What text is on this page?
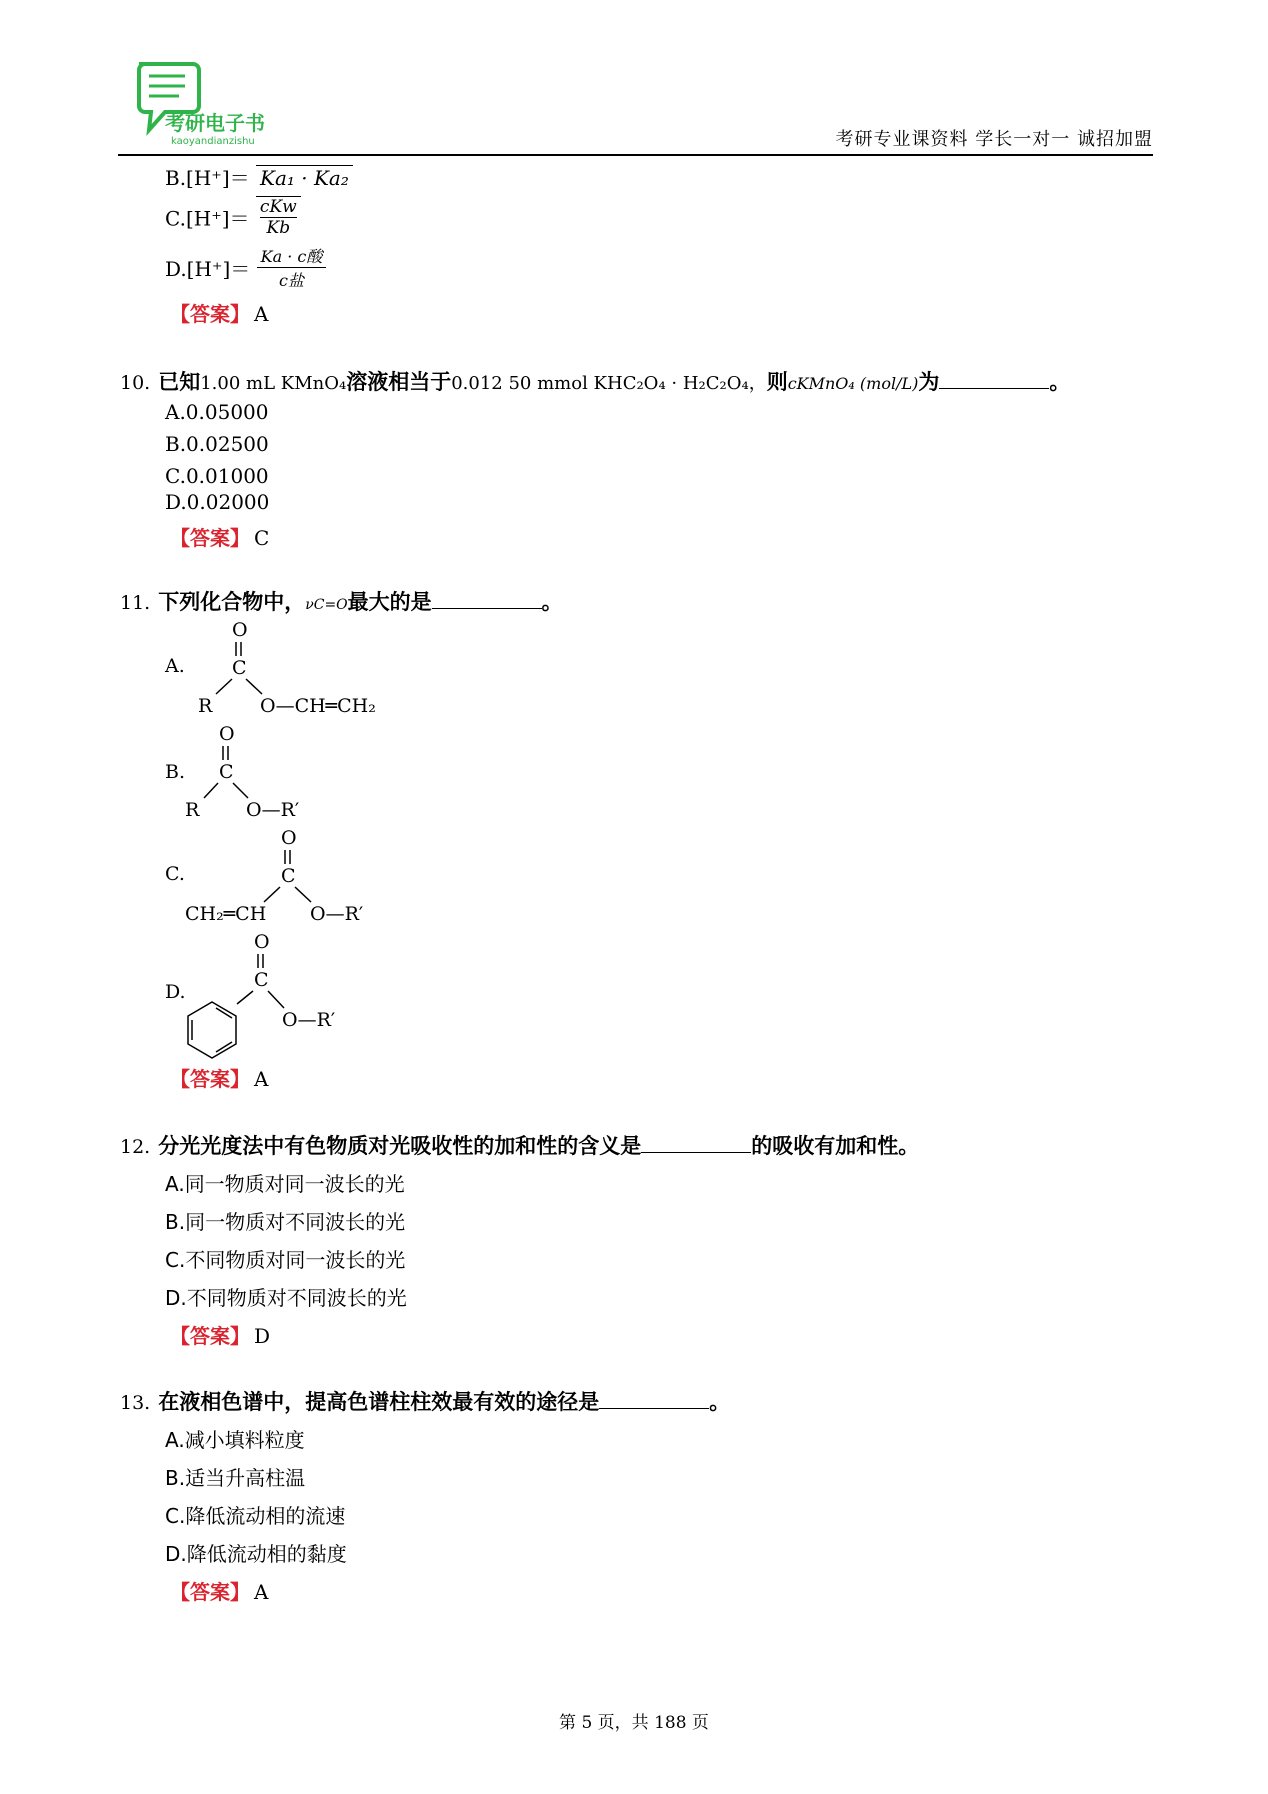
考研电子书
kaoyandianzishu	考研专业课资料 学长一对一 诚招加盟
B.[H⁺]＝ Ka₁ · Ka₂
C.[H⁺]＝ cKw
Kb
D.[H⁺]＝
Ka · c酸
c盐
【答案】 A
10. 已知1.00 mL KMnO₄溶液相当于0.012 50 mmol KHC₂O₄ · H₂C₂O₄，则cKMnO₄ (mol/L)为	。
A.0.05000
B.0.02500
C.0.01000
D.0.02000
【答案】 C
11. 下列化合物中，νC=O最大的是	。
A.
O
C
R	O—CH═CH₂
B.
O
C
R O—R′
C.
O
C
CH₂═CH O—R′
D.
O
C
O—R′
【答案】 A
12. 分光光度法中有色物质对光吸收性的加和性的含义是	的吸收有加和性。
A.同一物质对同一波长的光
B.同一物质对不同波长的光
C.不同物质对同一波长的光
D.不同物质对不同波长的光
【答案】 D
13. 在液相色谱中，提高色谱柱柱效最有效的途径是	。
A.减小填料粒度
B.适当升高柱温
C.降低流动相的流速
D.降低流动相的黏度
【答案】 A
第 5 页，共 188 页
